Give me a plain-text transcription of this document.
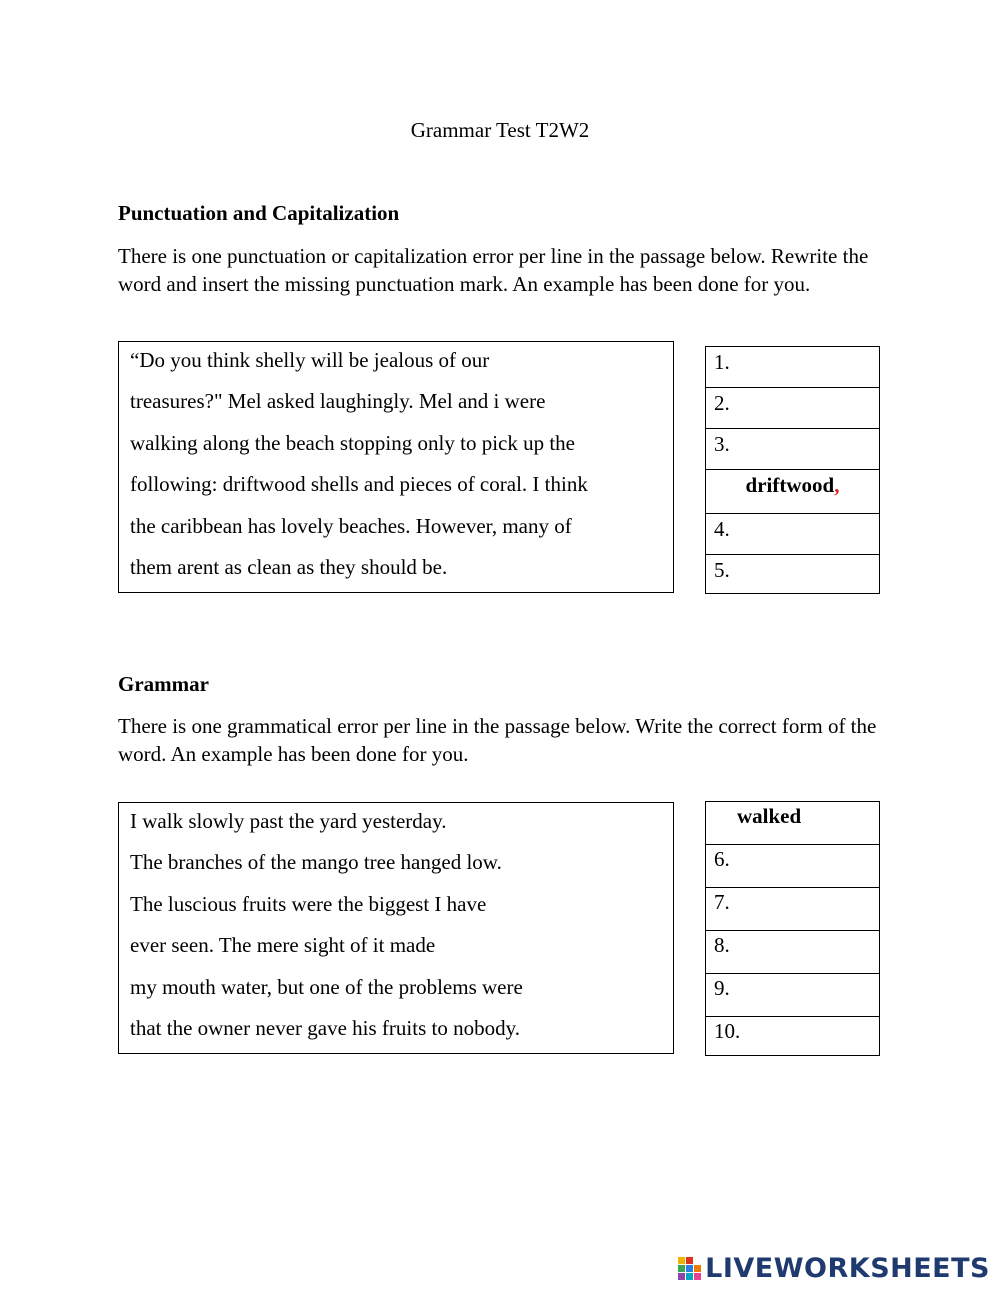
Grammar Test T2W2
Punctuation and Capitalization
There is one punctuation or capitalization error per line in the passage below. Rewrite the word and insert the missing punctuation mark. An example has been done for you.
“Do you think shelly will be jealous of our
treasures?" Mel asked laughingly. Mel and i were
walking along the beach stopping only to pick up the
following: driftwood shells and pieces of coral. I think
the caribbean has lovely beaches. However, many of
them arent as clean as they should be.
1.
2.
3.
driftwood,
4.
5.
Grammar
There is one grammatical error per line in the passage below. Write the correct form of the word. An example has been done for you.
I walk slowly past the yard yesterday.
The branches of the mango tree hanged low.
The luscious fruits were the biggest I have
ever seen. The mere sight of it made
my mouth water, but one of the problems were
that the owner never gave his fruits to nobody.
walked
6.
7.
8.
9.
10.
LIVEWORKSHEETS
